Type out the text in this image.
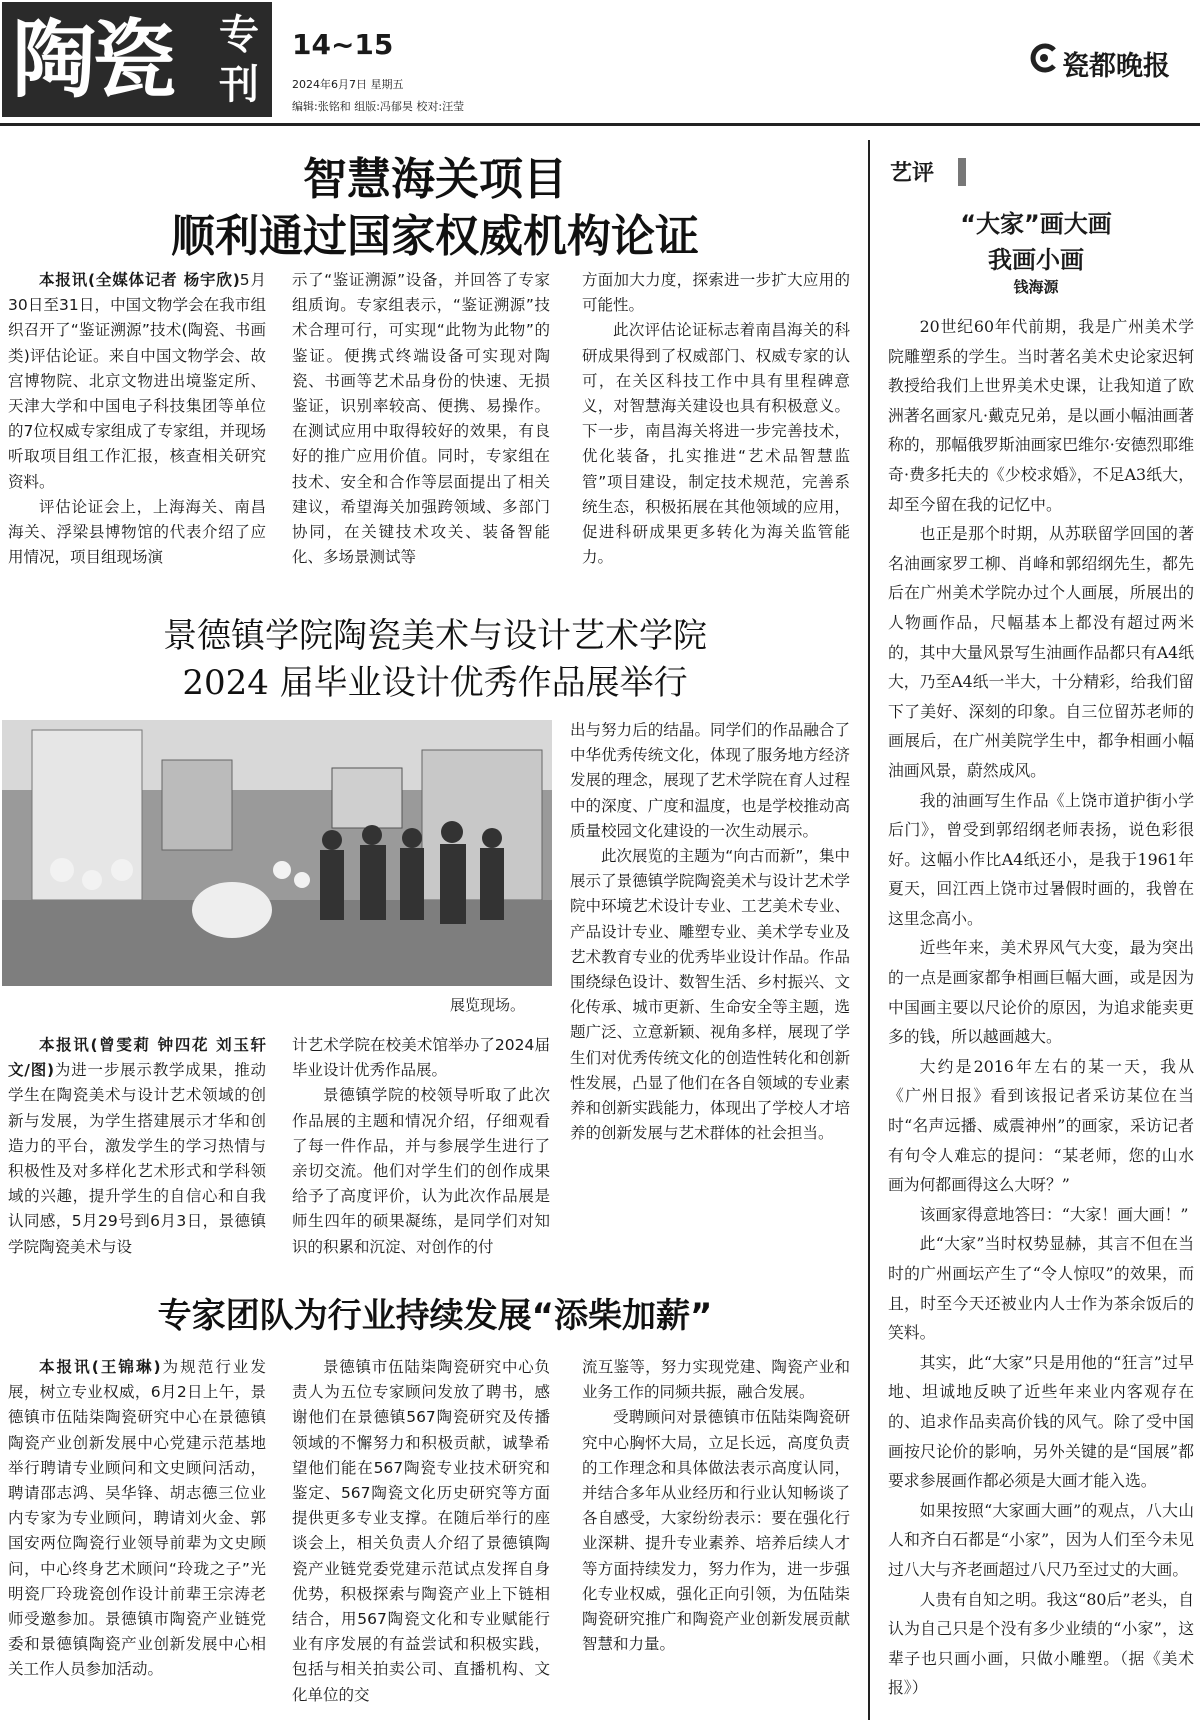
陶瓷 专刊
14~15
2024年6月7日 星期五
编辑:张铭和 组版:冯郁昊 校对:汪莹
瓷都晚报
智慧海关项目
顺利通过国家权威机构论证

本报讯(全媒体记者 杨宇欣)5月30日至31日，中国文物学会在我市组织召开了“鉴证溯源”技术(陶瓷、书画类)评估论证。来自中国文物学会、故宫博物院、北京文物进出境鉴定所、天津大学和中国电子科技集团等单位的7位权威专家组成了专家组，并现场听取项目组工作汇报，核查相关研究资料。

评估论证会上，上海海关、南昌海关、浮梁县博物馆的代表介绍了应用情况，项目组现场演

示了“鉴证溯源”设备，并回答了专家组质询。专家组表示，“鉴证溯源”技术合理可行，可实现“此物为此物”的鉴证。便携式终端设备可实现对陶瓷、书画等艺术品身份的快速、无损鉴证，识别率较高、便携、易操作。在测试应用中取得较好的效果，有良好的推广应用价值。同时，专家组在技术、安全和合作等层面提出了相关建议，希望海关加强跨领域、多部门协同，在关键技术攻关、装备智能化、多场景测试等

方面加大力度，探索进一步扩大应用的可能性。

此次评估论证标志着南昌海关的科研成果得到了权威部门、权威专家的认可，在关区科技工作中具有里程碑意义，对智慧海关建设也具有积极意义。下一步，南昌海关将进一步完善技术，优化装备，扎实推进“艺术品智慧监管”项目建设，制定技术规范，完善系统生态，积极拓展在其他领域的应用，促进科研成果更多转化为海关监管能力。

景德镇学院陶瓷美术与设计艺术学院
2024 届毕业设计优秀作品展举行
展览现场。

出与努力后的结晶。同学们的作品融合了中华优秀传统文化，体现了服务地方经济发展的理念，展现了艺术学院在育人过程中的深度、广度和温度，也是学校推动高质量校园文化建设的一次生动展示。

此次展览的主题为“向古而新”，集中展示了景德镇学院陶瓷美术与设计艺术学院中环境艺术设计专业、工艺美术专业、产品设计专业、雕塑专业、美术学专业及艺术教育专业的优秀毕业设计作品。作品围绕绿色设计、数智生活、乡村振兴、文化传承、城市更新、生命安全等主题，选题广泛、立意新颖、视角多样，展现了学生们对优秀传统文化的创造性转化和创新性发展，凸显了他们在各自领域的专业素养和创新实践能力，体现出了学校人才培养的创新发展与艺术群体的社会担当。

本报讯(曾雯莉 钟四花 刘玉轩 文/图)为进一步展示教学成果，推动学生在陶瓷美术与设计艺术领域的创新与发展，为学生搭建展示才华和创造力的平台，激发学生的学习热情与积极性及对多样化艺术形式和学科领域的兴趣，提升学生的自信心和自我认同感，5月29号到6月3日，景德镇学院陶瓷美术与设

计艺术学院在校美术馆举办了2024届毕业设计优秀作品展。

景德镇学院的校领导听取了此次作品展的主题和情况介绍，仔细观看了每一件作品，并与参展学生进行了亲切交流。他们对学生们的创作成果给予了高度评价，认为此次作品展是师生四年的硕果凝练，是同学们对知识的积累和沉淀、对创作的付

专家团队为行业持续发展“添柴加薪”

本报讯(王锦琳)为规范行业发展，树立专业权威，6月2日上午，景德镇市伍陆柒陶瓷研究中心在景德镇陶瓷产业创新发展中心党建示范基地举行聘请专业顾问和文史顾问活动，聘请邵志鸿、吴华锋、胡志德三位业内专家为专业顾问，聘请刘火金、郭国安两位陶瓷行业领导前辈为文史顾问，中心终身艺术顾问“玲珑之子”光明瓷厂玲珑瓷创作设计前辈王宗涛老师受邀参加。景德镇市陶瓷产业链党委和景德镇陶瓷产业创新发展中心相关工作人员参加活动。

景德镇市伍陆柒陶瓷研究中心负责人为五位专家顾问发放了聘书，感谢他们在景德镇567陶瓷研究及传播领域的不懈努力和积极贡献，诚挚希望他们能在567陶瓷专业技术研究和鉴定、567陶瓷文化历史研究等方面提供更多专业支撑。在随后举行的座谈会上，相关负责人介绍了景德镇陶瓷产业链党委党建示范试点发挥自身优势，积极探索与陶瓷产业上下链相结合，用567陶瓷文化和专业赋能行业有序发展的有益尝试和积极实践，包括与相关拍卖公司、直播机构、文化单位的交

流互鉴等，努力实现党建、陶瓷产业和业务工作的同频共振，融合发展。

受聘顾问对景德镇市伍陆柒陶瓷研究中心胸怀大局，立足长远，高度负责的工作理念和具体做法表示高度认同，并结合多年从业经历和行业认知畅谈了各自感受，大家纷纷表示：要在强化行业深耕、提升专业素养、培养后续人才等方面持续发力，努力作为，进一步强化专业权威，强化正向引领，为伍陆柒陶瓷研究推广和陶瓷产业创新发展贡献智慧和力量。

艺评
“大家”画大画
我画小画
钱海源

20世纪60年代前期，我是广州美术学院雕塑系的学生。当时著名美术史论家迟轲教授给我们上世界美术史课，让我知道了欧洲著名画家凡·戴克兄弟，是以画小幅油画著称的，那幅俄罗斯油画家巴维尔·安德烈耶维奇·费多托夫的《少校求婚》，不足A3纸大，却至今留在我的记忆中。

也正是那个时期，从苏联留学回国的著名油画家罗工柳、肖峰和郭绍纲先生，都先后在广州美术学院办过个人画展，所展出的人物画作品，尺幅基本上都没有超过两米的，其中大量风景写生油画作品都只有A4纸大，乃至A4纸一半大，十分精彩，给我们留下了美好、深刻的印象。自三位留苏老师的画展后，在广州美院学生中，都争相画小幅油画风景，蔚然成风。

我的油画写生作品《上饶市道护街小学后门》，曾受到郭绍纲老师表扬，说色彩很好。这幅小作比A4纸还小，是我于1961年夏天，回江西上饶市过暑假时画的，我曾在这里念高小。

近些年来，美术界风气大变，最为突出的一点是画家都争相画巨幅大画，或是因为中国画主要以尺论价的原因，为追求能卖更多的钱，所以越画越大。

大约是2016年左右的某一天，我从《广州日报》看到该报记者采访某位在当时“名声远播、威震神州”的画家，采访记者有句令人难忘的提问：“某老师，您的山水画为何都画得这么大呀？”

该画家得意地答曰：“大家！画大画！”

此“大家”当时权势显赫，其言不但在当时的广州画坛产生了“令人惊叹”的效果，而且，时至今天还被业内人士作为茶余饭后的笑料。

其实，此“大家”只是用他的“狂言”过早地、坦诚地反映了近些年来业内客观存在的、追求作品卖高价钱的风气。除了受中国画按尺论价的影响，另外关键的是“国展”都要求参展画作都必须是大画才能入选。

如果按照“大家画大画”的观点，八大山人和齐白石都是“小家”，因为人们至今未见过八大与齐老画超过八尺乃至过丈的大画。

人贵有自知之明。我这“80后”老头，自认为自己只是个没有多少业绩的“小家”，这辈子也只画小画，只做小雕塑。（据《美术报》）
